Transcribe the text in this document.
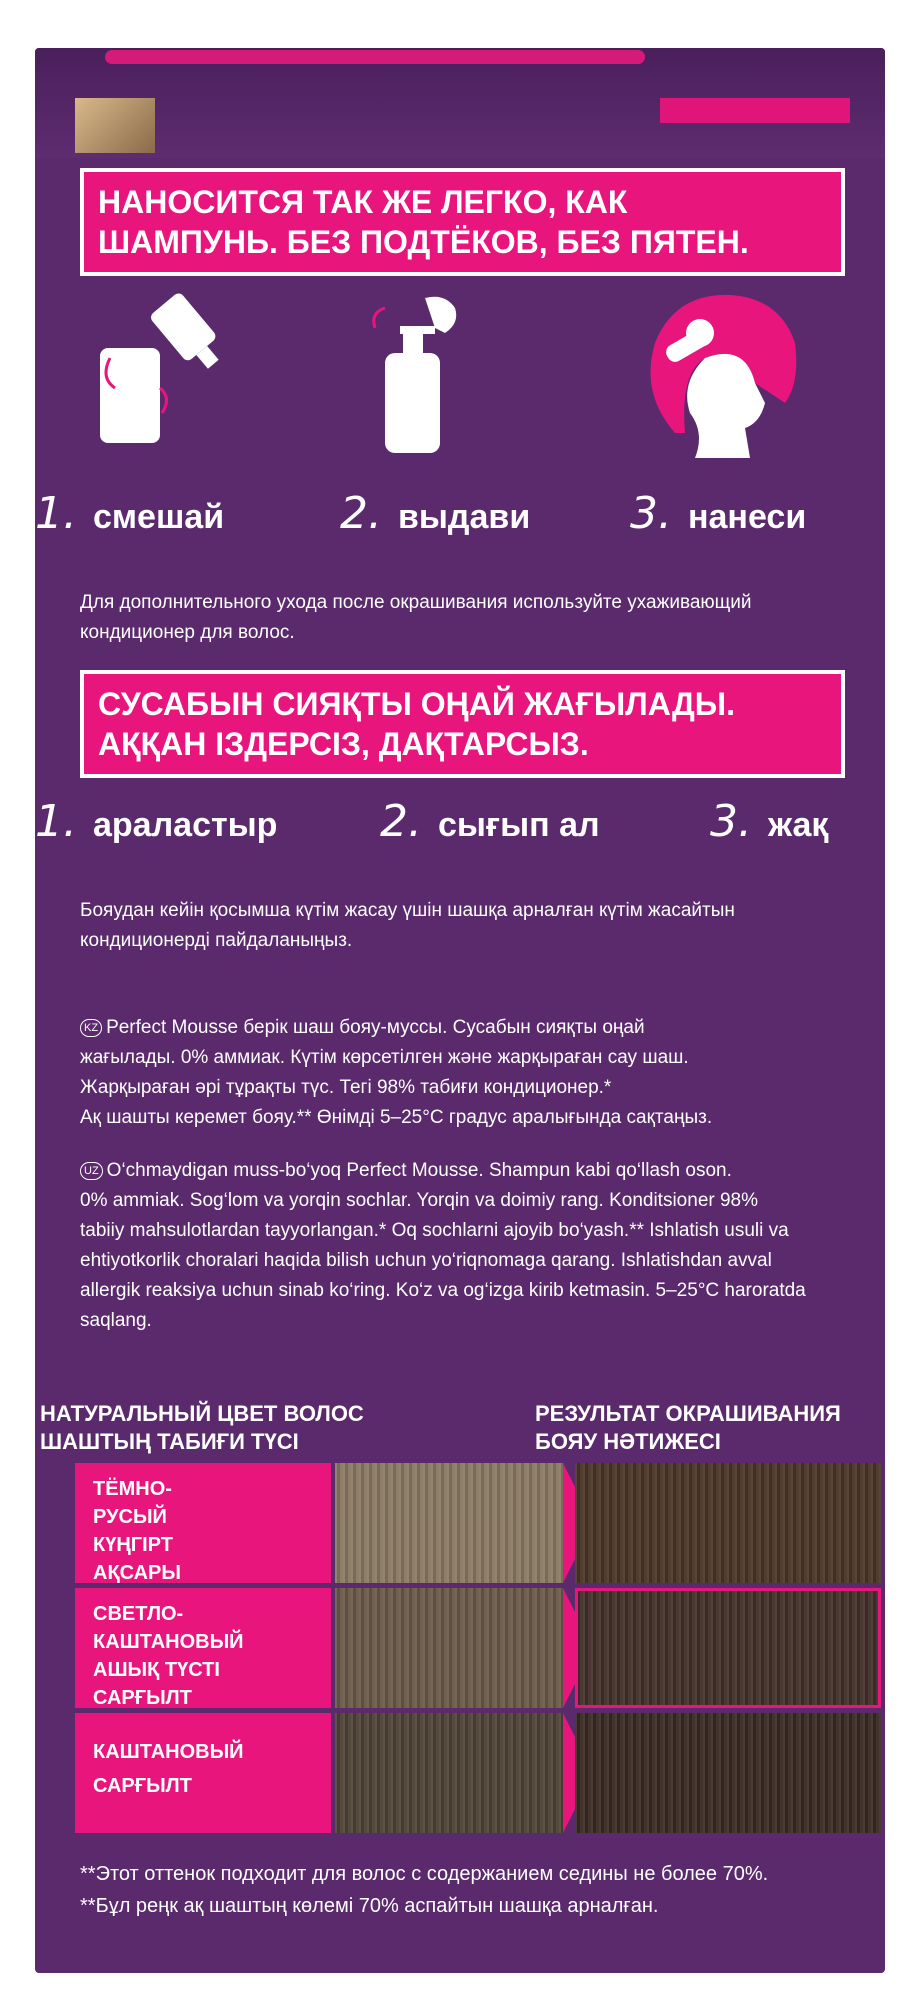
НАНОСИТСЯ ТАК ЖЕ ЛЕГКО, КАК
ШАМПУНЬ. БЕЗ ПОДТЁКОВ, БЕЗ ПЯТЕН.
1. смешай	2. выдави 3. нанеси
Для дополнительного ухода после окрашивания используйте ухаживающий
кондиционер для волос.
СУСАБЫН СИЯҚТЫ ОҢАЙ ЖАҒЫЛАДЫ.
АҚҚАН ІЗДЕРСІЗ, ДАҚТАРСЫЗ.
1. араластыр 2. сығып ал	3. жақ
Бояудан кейін қосымша күтім жасау үшін шашқа арналған күтім жасайтын
кондиционерді пайдаланыңыз.
KZ Perfect Mousse берік шаш бояу-муссы. Сусабын сияқты оңай
жағылады. 0% аммиак. Күтім көрсетілген және жарқыраған сау шаш.
Жарқыраған әрі тұрақты түс. Тегі 98% табиғи кондиционер.*
Ақ шашты керемет бояу.** Өнімді 5–25°C градус аралығында сақтаңыз.
UZ O‘chmaydigan muss-bo‘yoq Perfect Mousse. Shampun kabi qo‘llash oson.
0% ammiak. Sog‘lom va yorqin sochlar. Yorqin va doimiy rang. Konditsioner 98%
tabiiy mahsulotlardan tayyorlangan.* Oq sochlarni ajoyib bo‘yash.** Ishlatish usuli va
ehtiyotkorlik choralari haqida bilish uchun yo‘riqnomaga qarang. Ishlatishdan avval
allergik reaksiya uchun sinab ko‘ring. Ko‘z va og‘izga kirib ketmasin. 5–25°C haroratda
saqlang.
НАТУРАЛЬНЫЙ ЦВЕТ ВОЛОС
ШАШТЫҢ ТАБИҒИ ТҮСІ
РЕЗУЛЬТАТ ОКРАШИВАНИЯ
БОЯУ НӘТИЖЕСІ
ТЁМНО-
РУСЫЙ
КҮҢГІРТ
АҚСАРЫ
СВЕТЛО-
КАШТАНОВЫЙ
АШЫҚ ТҮСТІ
САРҒЫЛТ
КАШТАНОВЫЙ
САРҒЫЛТ
**Этот оттенок подходит для волос с содержанием седины не более 70%.
**Бұл реңк ақ шаштың көлемі 70% аспайтын шашқа арналған.
